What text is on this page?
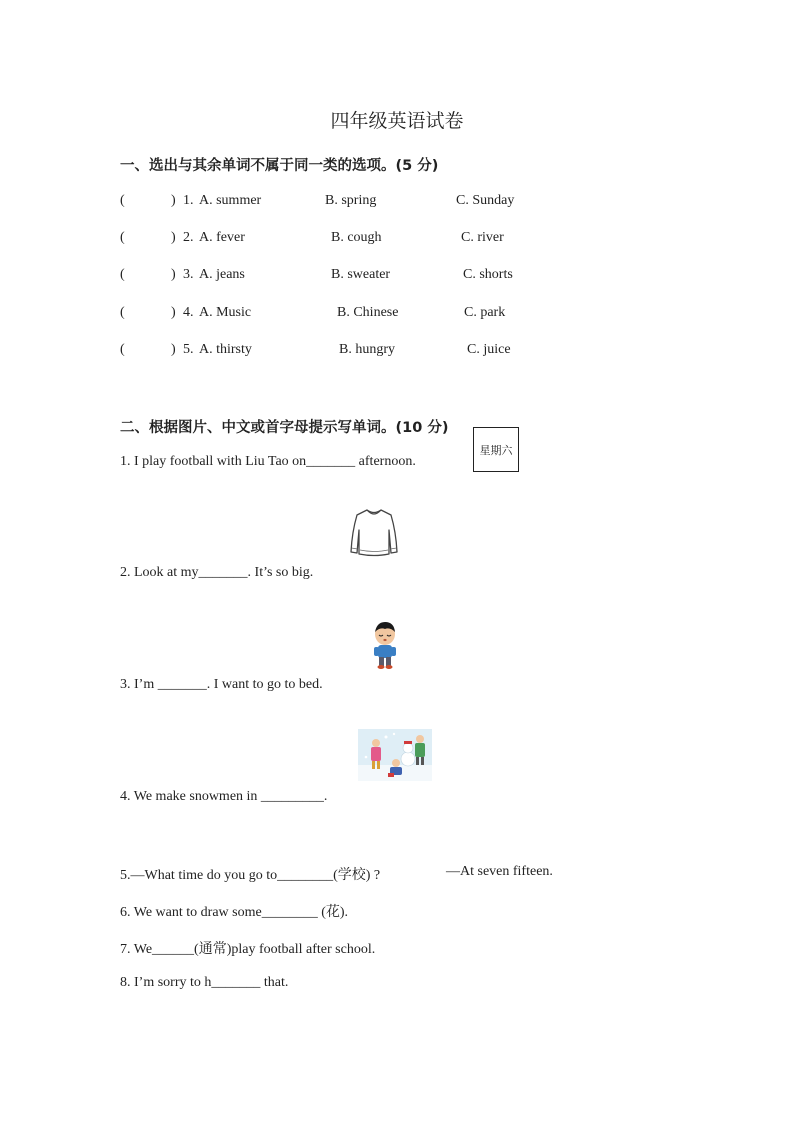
四年级英语试卷
一、选出与其余单词不属于同一类的选项。(5 分)
(	) 1. A. summer	B. spring	C. Sunday
(	) 2. A. fever	B. cough	C. river
(	) 3. A. jeans	B. sweater	C. shorts
(	) 4. A. Music	B. Chinese	C. park
(	) 5. A. thirsty	B. hungry	C. juice
二、根据图片、中文或首字母提示写单词。(10 分)
星期六
1. I play football with Liu Tao on_______ afternoon.
2. Look at my_______. It’s so big.
3. I’m _______. I want to go to bed.
4. We make snowmen in _________.
5.—What time do you go to________(学校) ?	—At seven fifteen.
6. We want to draw some________ (花).
7. We______(通常)play football after school.
8. I’m sorry to h_______ that.
